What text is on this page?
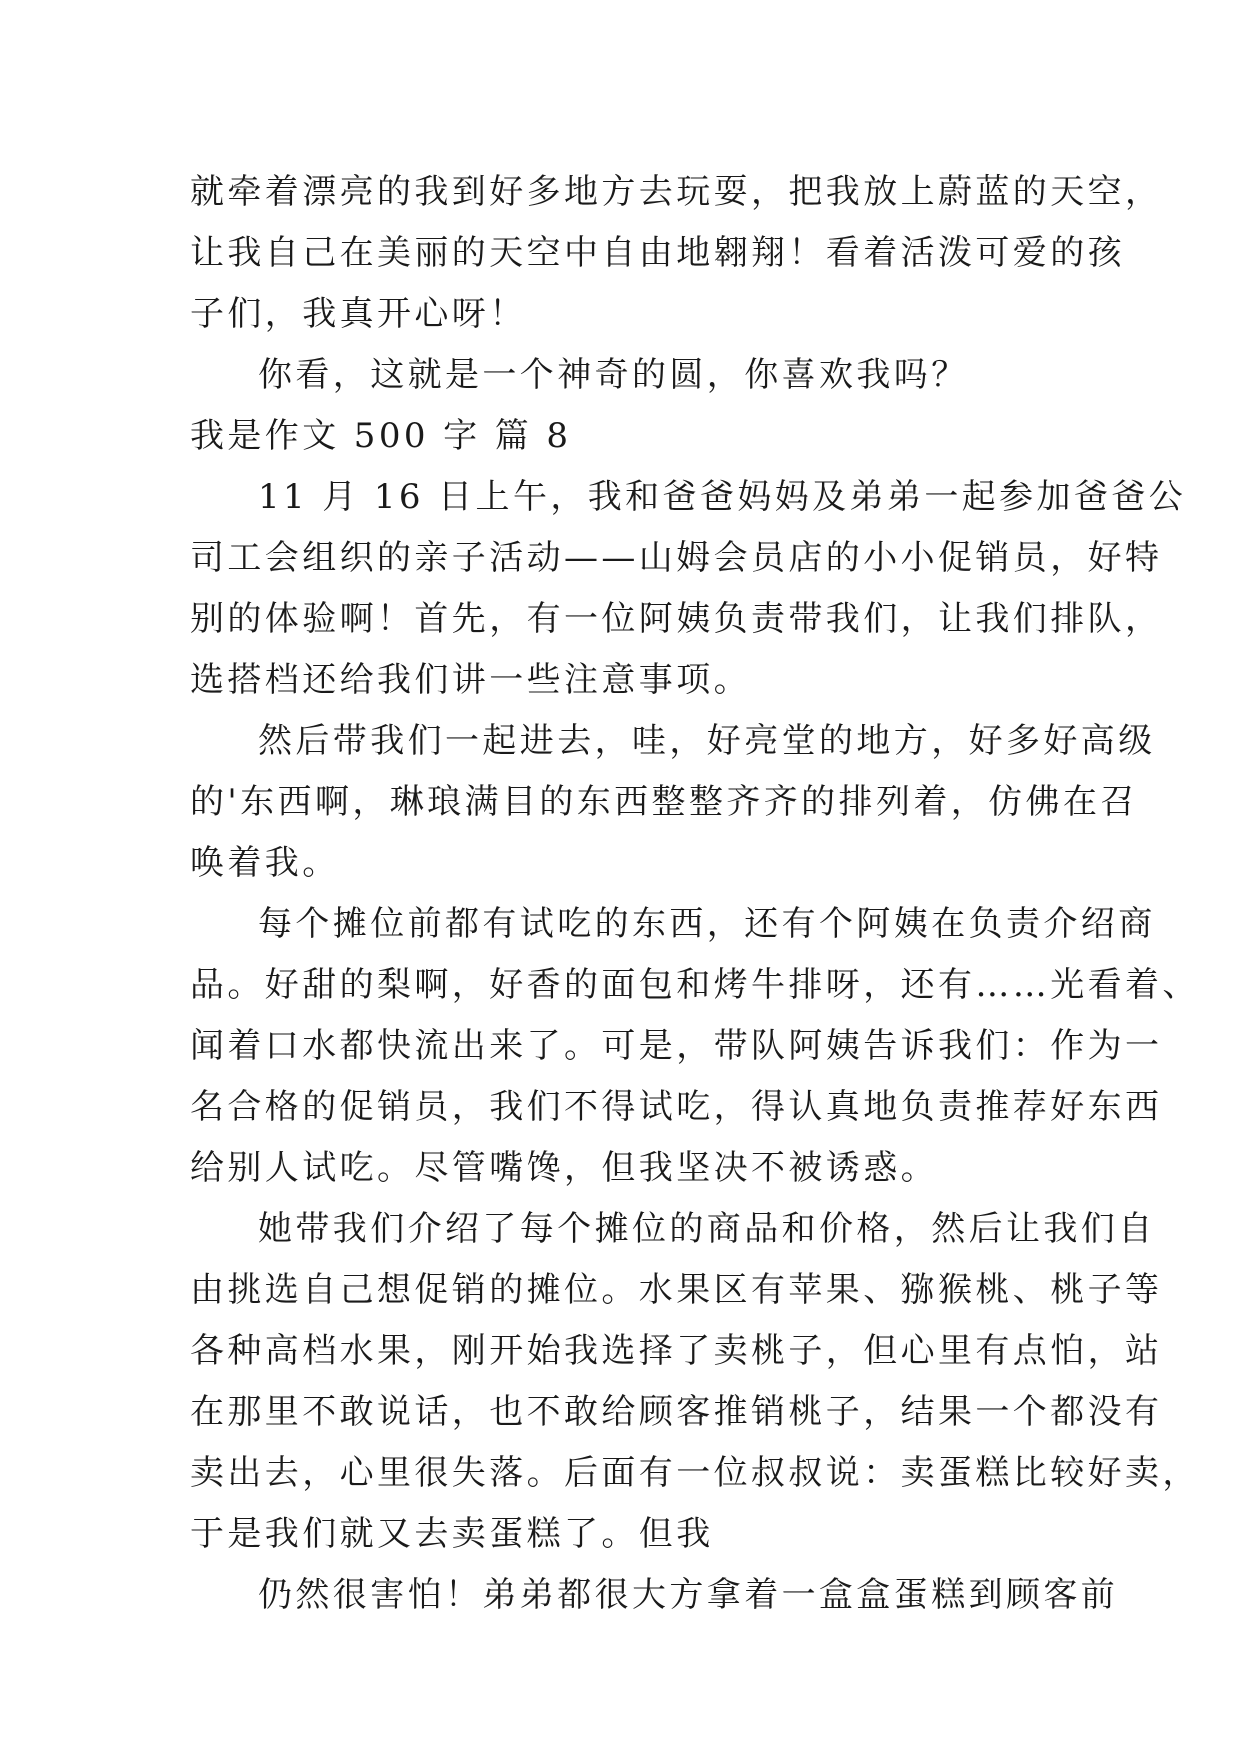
就牵着漂亮的我到好多地方去玩耍，把我放上蔚蓝的天空，
让我自己在美丽的天空中自由地翱翔！看着活泼可爱的孩
子们，我真开心呀！
你看，这就是一个神奇的圆，你喜欢我吗？
我是作文 500 字 篇 8
11 月 16 日上午，我和爸爸妈妈及弟弟一起参加爸爸公
司工会组织的亲子活动——山姆会员店的小小促销员，好特
别的体验啊！首先，有一位阿姨负责带我们，让我们排队，
选搭档还给我们讲一些注意事项。
然后带我们一起进去，哇，好亮堂的地方，好多好高级
的'东西啊，琳琅满目的东西整整齐齐的排列着，仿佛在召
唤着我。
每个摊位前都有试吃的东西，还有个阿姨在负责介绍商
品。好甜的梨啊，好香的面包和烤牛排呀，还有……光看着、
闻着口水都快流出来了。可是，带队阿姨告诉我们：作为一
名合格的促销员，我们不得试吃，得认真地负责推荐好东西
给别人试吃。尽管嘴馋，但我坚决不被诱惑。
她带我们介绍了每个摊位的商品和价格，然后让我们自
由挑选自己想促销的摊位。水果区有苹果、猕猴桃、桃子等
各种高档水果，刚开始我选择了卖桃子，但心里有点怕，站
在那里不敢说话，也不敢给顾客推销桃子，结果一个都没有
卖出去，心里很失落。后面有一位叔叔说：卖蛋糕比较好卖，
于是我们就又去卖蛋糕了。但我
仍然很害怕！弟弟都很大方拿着一盒盒蛋糕到顾客前
